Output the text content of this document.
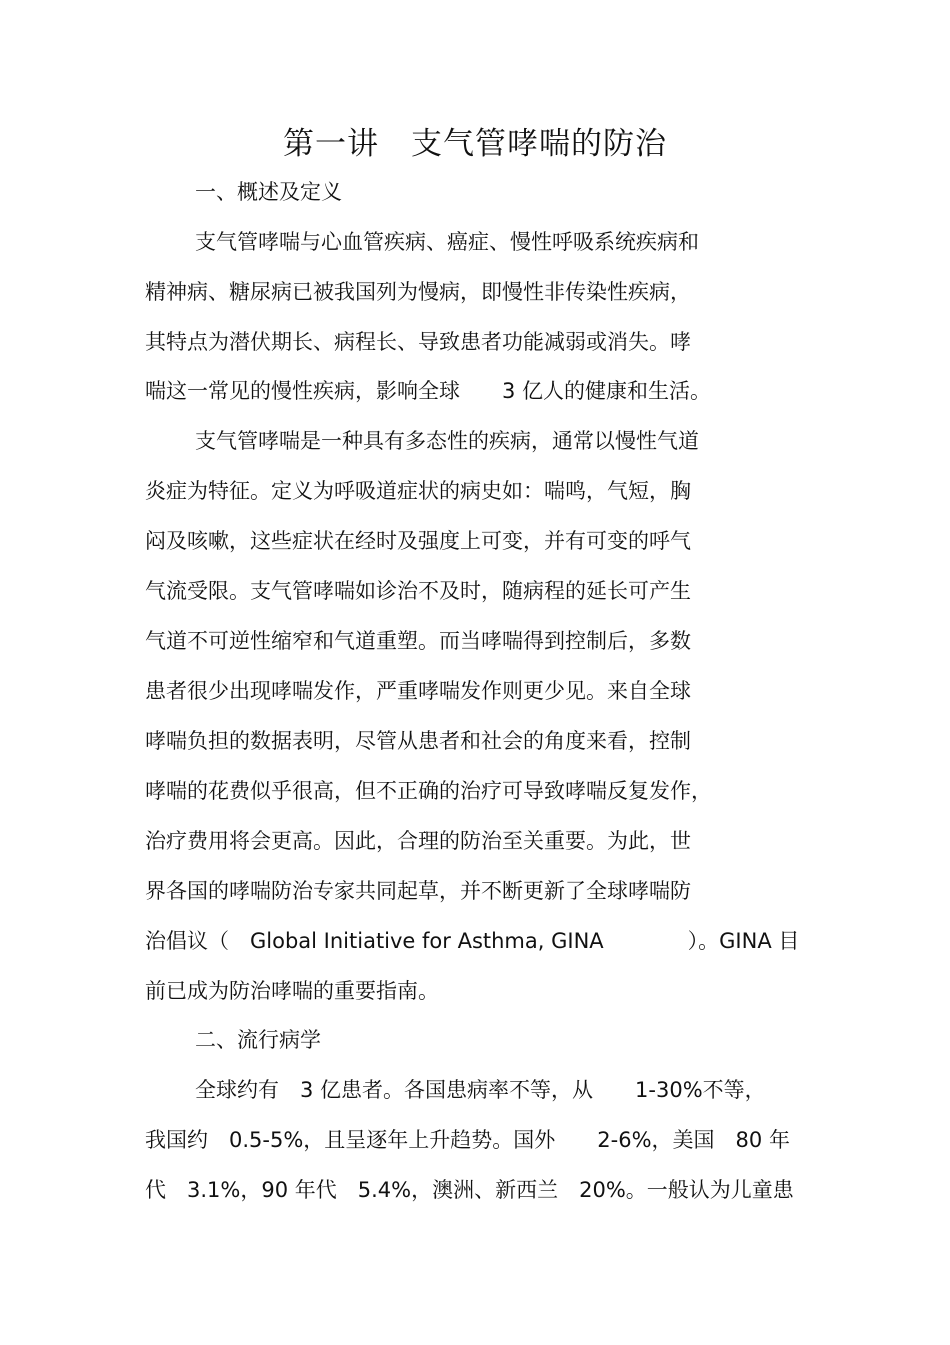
第一讲　支气管哮喘的防治
一、概述及定义
支气管哮喘与心血管疾病、癌症、慢性呼吸系统疾病和
精神病、糖尿病已被我国列为慢病，即慢性非传染性疾病，
其特点为潜伏期长、病程长、导致患者功能减弱或消失。哮
喘这一常见的慢性疾病，影响全球　　3 亿人的健康和生活。
支气管哮喘是一种具有多态性的疾病，通常以慢性气道
炎症为特征。定义为呼吸道症状的病史如：喘鸣，气短，胸
闷及咳嗽，这些症状在经时及强度上可变，并有可变的呼气
气流受限。支气管哮喘如诊治不及时，随病程的延长可产生
气道不可逆性缩窄和气道重塑。而当哮喘得到控制后，多数
患者很少出现哮喘发作，严重哮喘发作则更少见。来自全球
哮喘负担的数据表明，尽管从患者和社会的角度来看，控制
哮喘的花费似乎很高，但不正确的治疗可导致哮喘反复发作，
治疗费用将会更高。因此，合理的防治至关重要。为此，世
界各国的哮喘防治专家共同起草，并不断更新了全球哮喘防
治倡议（　Global Initiative for Asthma, GINA　　　　）。GINA 目
前已成为防治哮喘的重要指南。
二、流行病学
全球约有　3 亿患者。各国患病率不等，从　　1-30%不等，
我国约　0.5-5%，且呈逐年上升趋势。国外　　2-6%，美国　80 年
代　3.1%，90 年代　5.4%，澳洲、新西兰　20%。一般认为儿童患
